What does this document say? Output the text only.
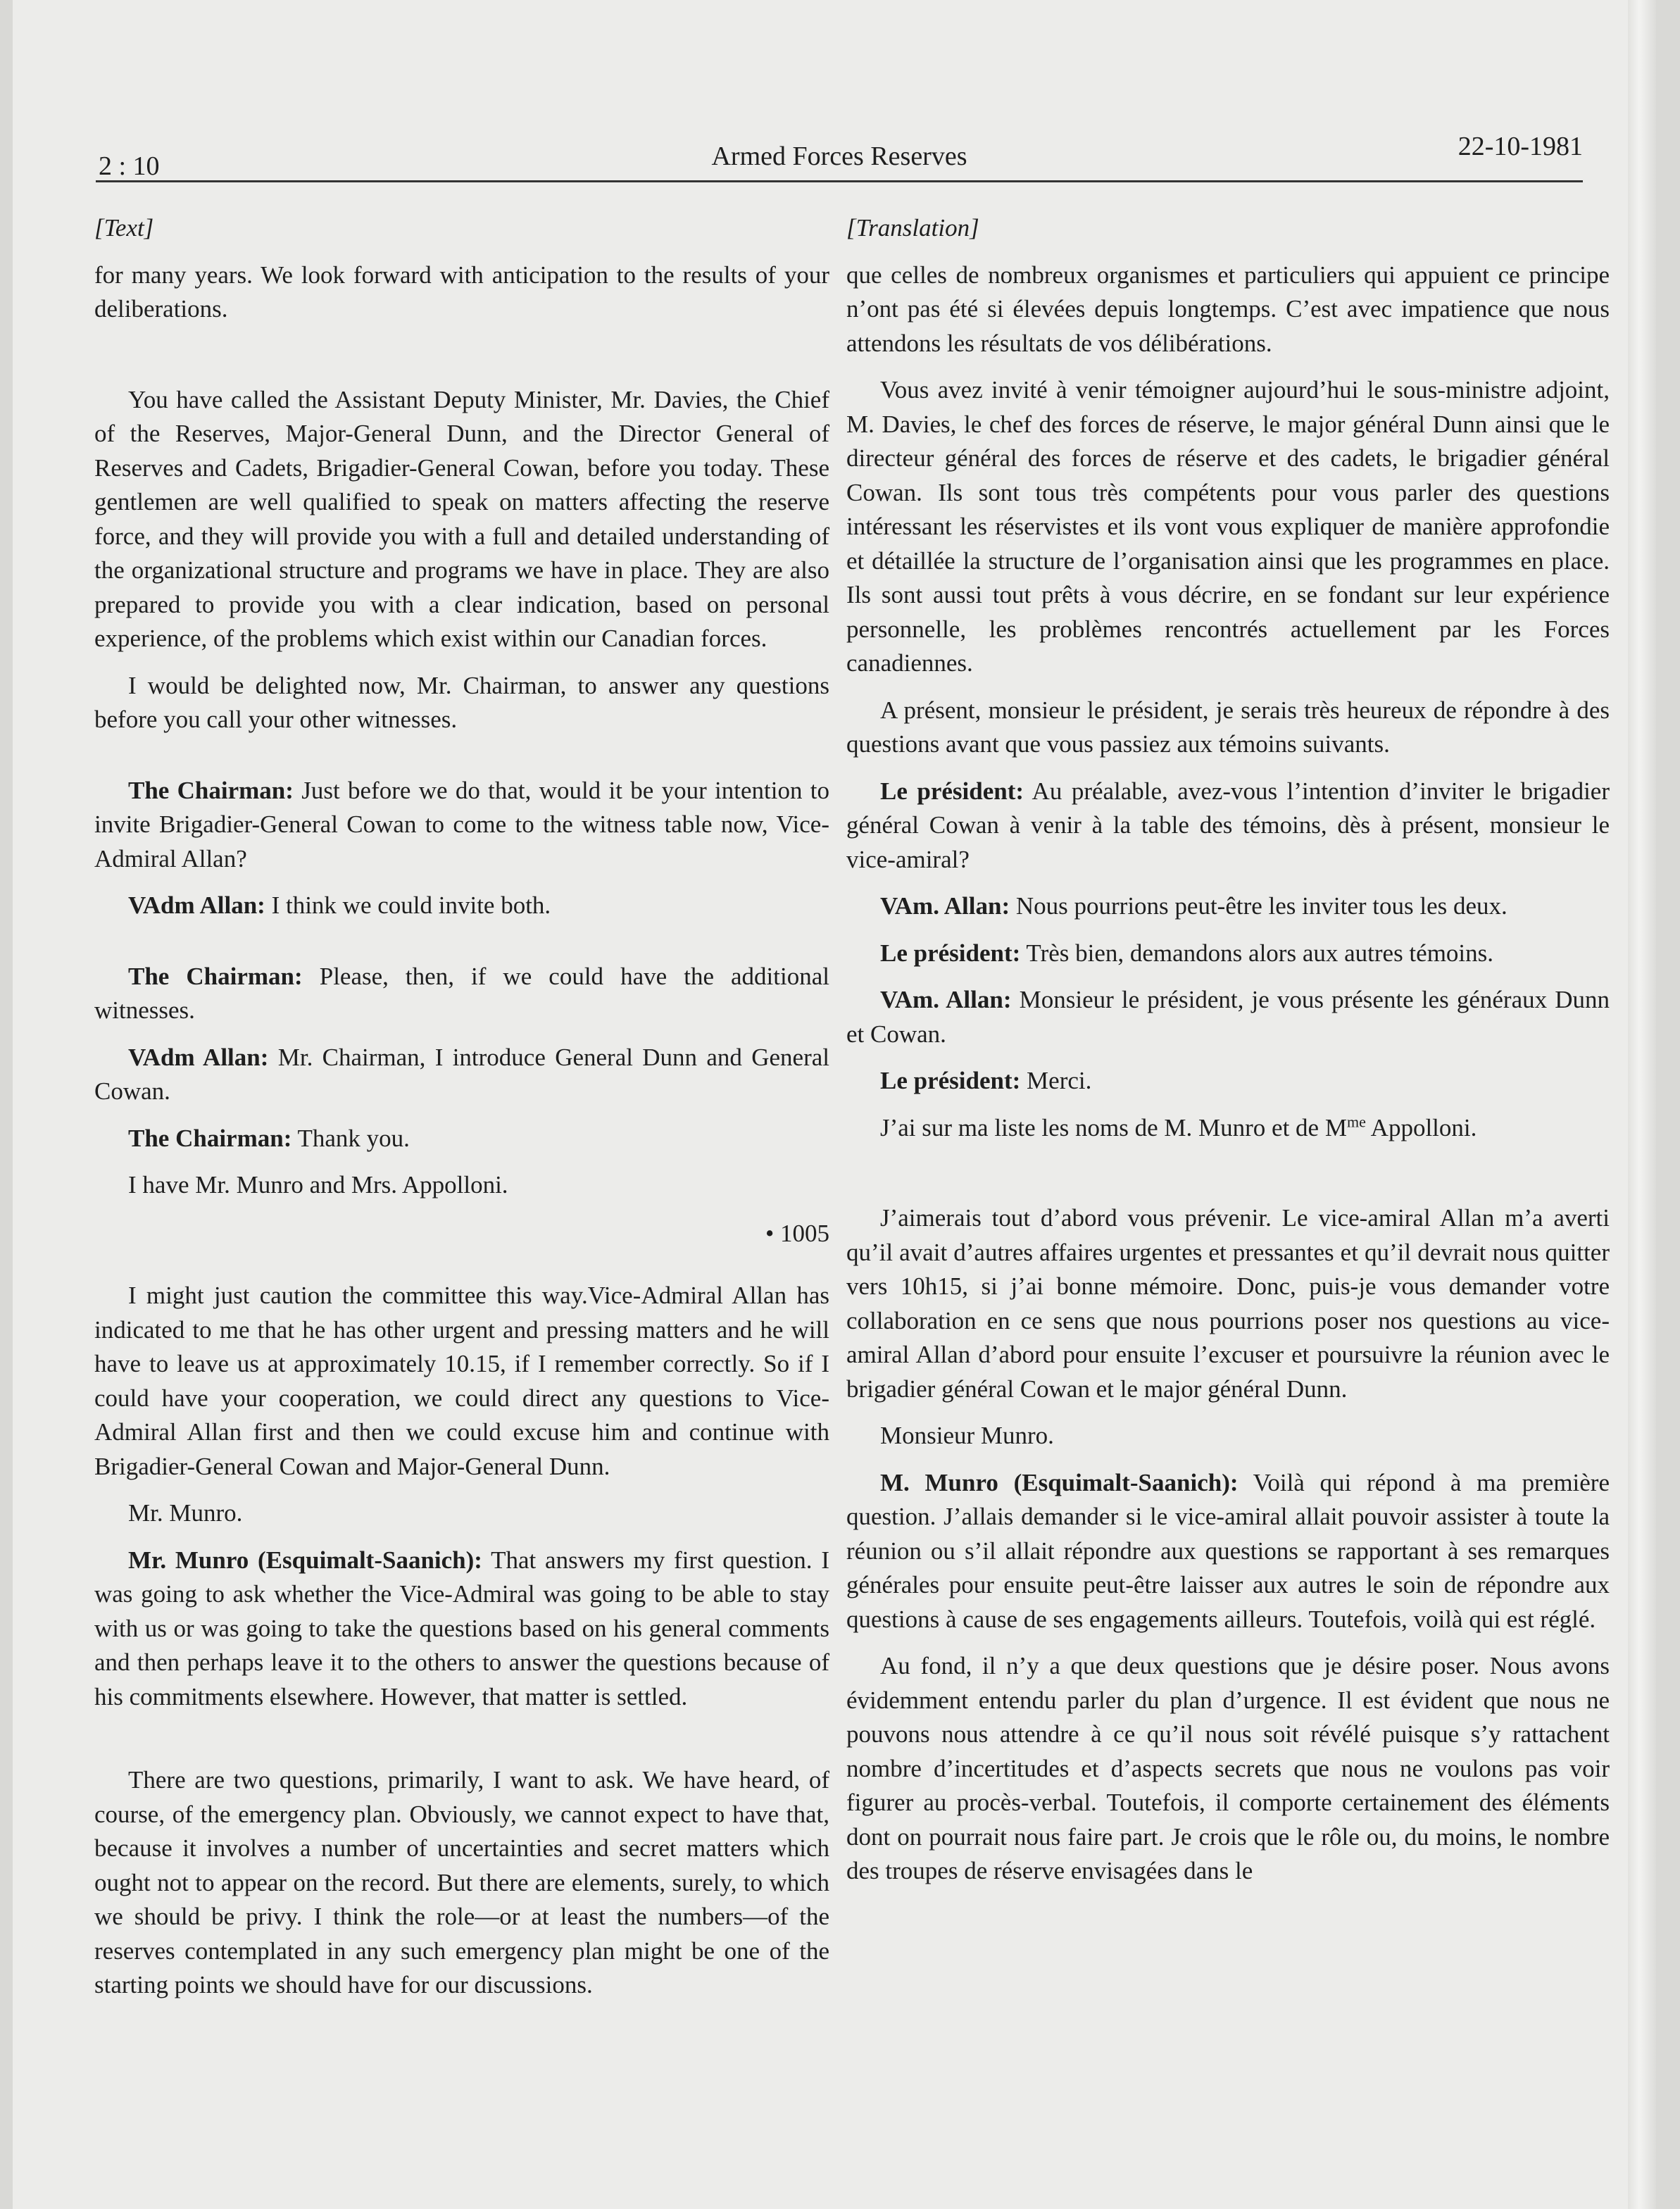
2 : 10	Armed Forces Reserves	22-10-1981

[Text]

for many years. We look forward with anticipation to the results of your deliberations.

You have called the Assistant Deputy Minister, Mr. Davies, the Chief of the Reserves, Major-General Dunn, and the Director General of Reserves and Cadets, Brigadier-General Cowan, before you today. These gentlemen are well qualified to speak on matters affecting the reserve force, and they will provide you with a full and detailed understanding of the organizational structure and programs we have in place. They are also prepared to provide you with a clear indication, based on personal experience, of the problems which exist within our Canadian forces.

I would be delighted now, Mr. Chairman, to answer any questions before you call your other witnesses.

The Chairman: Just before we do that, would it be your intention to invite Brigadier-General Cowan to come to the witness table now, Vice-Admiral Allan?

VAdm Allan: I think we could invite both.

The Chairman: Please, then, if we could have the additional witnesses.

VAdm Allan: Mr. Chairman, I introduce General Dunn and General Cowan.

The Chairman: Thank you.

I have Mr. Munro and Mrs. Appolloni.

• 1005

I might just caution the committee this way.Vice-Admiral Allan has indicated to me that he has other urgent and pressing matters and he will have to leave us at approximately 10.15, if I remember correctly. So if I could have your cooperation, we could direct any questions to Vice-Admiral Allan first and then we could excuse him and continue with Brigadier-General Cowan and Major-General Dunn.

Mr. Munro.

Mr. Munro (Esquimalt-Saanich): That answers my first question. I was going to ask whether the Vice-Admiral was going to be able to stay with us or was going to take the questions based on his general comments and then perhaps leave it to the others to answer the questions because of his commitments elsewhere. However, that matter is settled.

There are two questions, primarily, I want to ask. We have heard, of course, of the emergency plan. Obviously, we cannot expect to have that, because it involves a number of uncertainties and secret matters which ought not to appear on the record. But there are elements, surely, to which we should be privy. I think the role—or at least the numbers—of the reserves contemplated in any such emergency plan might be one of the starting points we should have for our discussions.

[Translation]

que celles de nombreux organismes et particuliers qui appuient ce principe n’ont pas été si élevées depuis longtemps. C’est avec impatience que nous attendons les résultats de vos délibérations.

Vous avez invité à venir témoigner aujourd’hui le sous-ministre adjoint, M. Davies, le chef des forces de réserve, le major général Dunn ainsi que le directeur général des forces de réserve et des cadets, le brigadier général Cowan. Ils sont tous très compétents pour vous parler des questions intéressant les réservistes et ils vont vous expliquer de manière approfondie et détaillée la structure de l’organisation ainsi que les programmes en place. Ils sont aussi tout prêts à vous décrire, en se fondant sur leur expérience personnelle, les problèmes rencontrés actuellement par les Forces canadiennes.

A présent, monsieur le président, je serais très heureux de répondre à des questions avant que vous passiez aux témoins suivants.

Le président: Au préalable, avez-vous l’intention d’inviter le brigadier général Cowan à venir à la table des témoins, dès à présent, monsieur le vice-amiral?

VAm. Allan: Nous pourrions peut-être les inviter tous les deux.

Le président: Très bien, demandons alors aux autres témoins.

VAm. Allan: Monsieur le président, je vous présente les généraux Dunn et Cowan.

Le président: Merci.

J’ai sur ma liste les noms de M. Munro et de $M^{me}$ Appolloni.

J’aimerais tout d’abord vous prévenir. Le vice-amiral Allan m’a averti qu’il avait d’autres affaires urgentes et pressantes et qu’il devrait nous quitter vers 10h15, si j’ai bonne mémoire. Donc, puis-je vous demander votre collaboration en ce sens que nous pourrions poser nos questions au vice-amiral Allan d’abord pour ensuite l’excuser et poursuivre la réunion avec le brigadier général Cowan et le major général Dunn.

Monsieur Munro.

M. Munro (Esquimalt-Saanich): Voilà qui répond à ma première question. J’allais demander si le vice-amiral allait pouvoir assister à toute la réunion ou s’il allait répondre aux questions se rapportant à ses remarques générales pour ensuite peut-être laisser aux autres le soin de répondre aux questions à cause de ses engagements ailleurs. Toutefois, voilà qui est réglé.

Au fond, il n’y a que deux questions que je désire poser. Nous avons évidemment entendu parler du plan d’urgence. Il est évident que nous ne pouvons nous attendre à ce qu’il nous soit révélé puisque s’y rattachent nombre d’incertitudes et d’aspects secrets que nous ne voulons pas voir figurer au procès-verbal. Toutefois, il comporte certainement des éléments dont on pourrait nous faire part. Je crois que le rôle ou, du moins, le nombre des troupes de réserve envisagées dans le
